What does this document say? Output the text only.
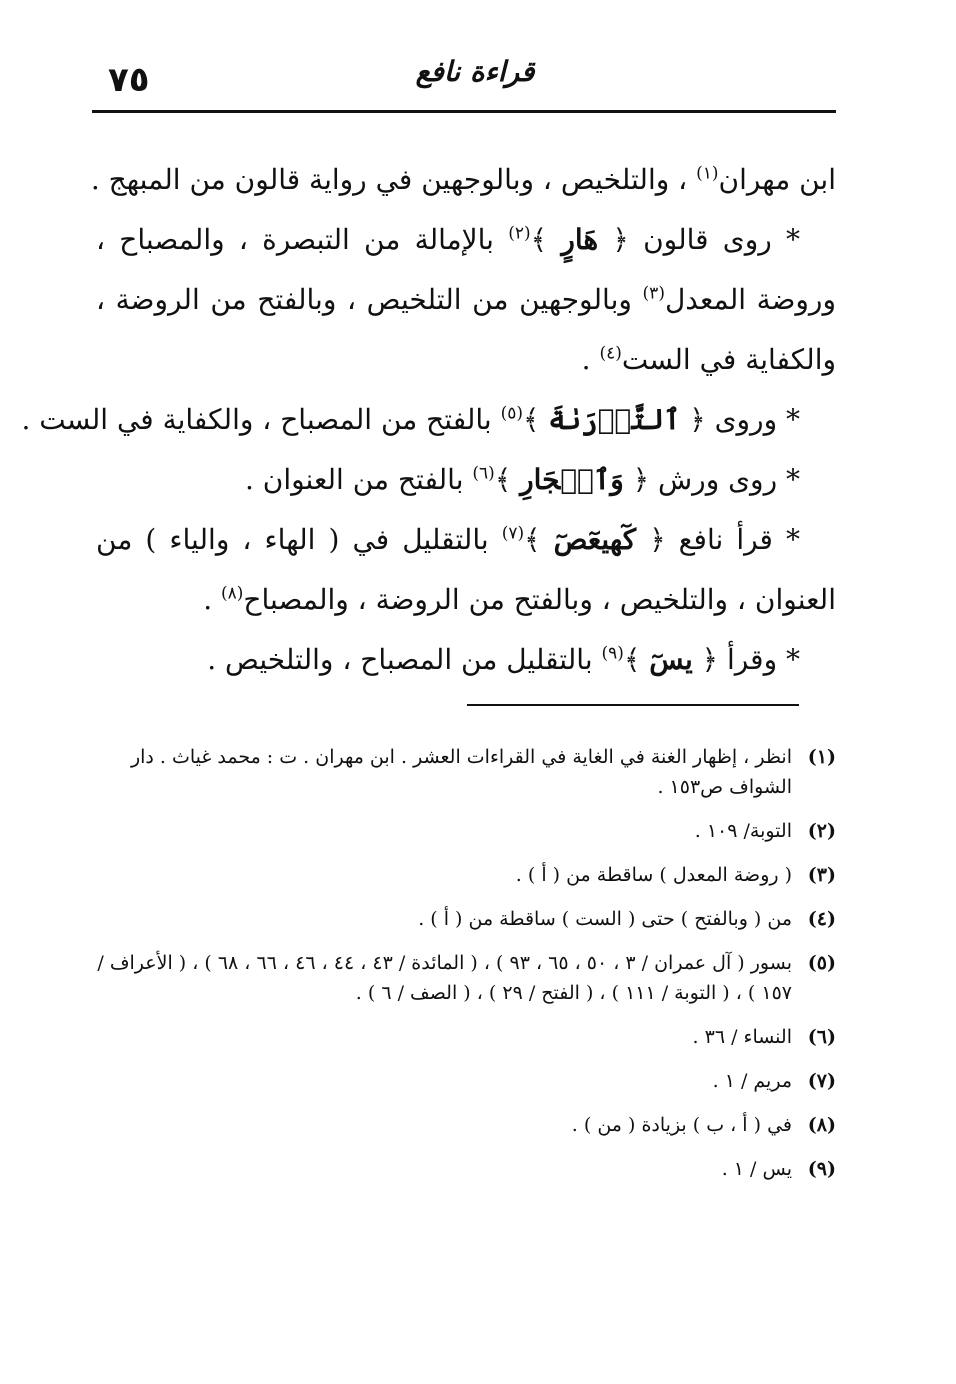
٧٥	قراءة نافع
ابن مهران$^{(١)}$ ، والتلخيص ، وبالوجهين في رواية قالون من المبهج .
* روى قالون ﴿ هَارٍ ﴾$^{(٢)}$ بالإمالة من التبصرة ، والمصباح ،
وروضة المعدل$^{(٣)}$ وبالوجهين من التلخيص ، وبالفتح من الروضة ،
والكفاية في الست$^{(٤)}$ .
* وروى ﴿ ٱلتَّوۡرَىٰةَ ﴾$^{(٥)}$ بالفتح من المصباح ، والكفاية في الست .
* روى ورش ﴿ وَٱلۡجَارِ ﴾$^{(٦)}$ بالفتح من العنوان .
* قرأ نافع ﴿ كٓهيعٓصٓ ﴾$^{(٧)}$ بالتقليل في ( الهاء ، والياء ) من
العنوان ، والتلخيص ، وبالفتح من الروضة ، والمصباح$^{(٨)}$ .
* وقرأ ﴿ يسٓ ﴾$^{(٩)}$ بالتقليل من المصباح ، والتلخيص .
(١)
انظر ، إظهار الغنة في الغاية في القراءات العشر . ابن مهران . ت : محمد غياث . دار الشواف ص١٥٣ .
(٢)
التوبة/ ١٠٩ .
(٣)
( روضة المعدل ) ساقطة من ( أ ) .
(٤)
من ( وبالفتح ) حتى ( الست ) ساقطة من ( أ ) .
(٥)
بسور ( آل عمران / ٣ ، ٥٠ ، ٦٥ ، ٩٣ ) ، ( المائدة / ٤٣ ، ٤٤ ، ٤٦ ، ٦٦ ، ٦٨ ) ، ( الأعراف / ١٥٧ ) ، ( التوبة / ١١١ ) ، ( الفتح / ٢٩ ) ، ( الصف / ٦ ) .
(٦)
النساء / ٣٦ .
(٧)
مريم / ١ .
(٨)
في ( أ ، ب ) بزيادة ( من ) .
(٩)
يس / ١ .
